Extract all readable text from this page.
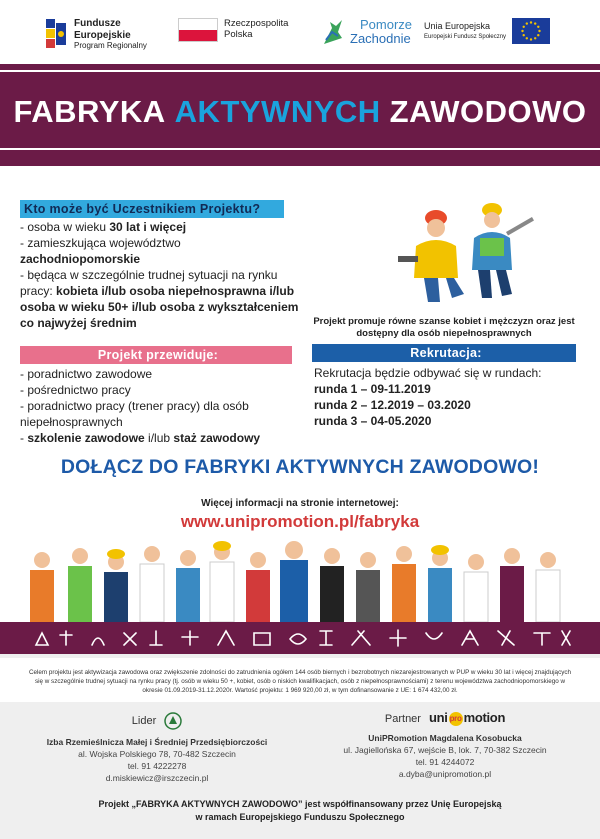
Fundusze
Europejskie
Program Regionalny
Rzeczpospolita
Polska
Pomorze
Zachodnie
Unia Europejska
Europejski Fundusz Społeczny
FABRYKA AKTYWNYCH ZAWODOWO
Kto może być Uczestnikiem Projektu?
- osoba w wieku 30 lat i więcej
- zamieszkująca województwo zachodniopomorskie
- będąca w szczególnie trudnej sytuacji na rynku pracy: kobieta i/lub osoba niepełnosprawna i/lub osoba w wieku 50+ i/lub osoba z wykształceniem co najwyżej średnim
Projekt przewiduje:
- poradnictwo zawodowe
- pośrednictwo pracy
- poradnictwo pracy (trener pracy) dla osób niepełnosprawnych
- szkolenie zawodowe i/lub staż zawodowy
Projekt promuje równe szanse kobiet i mężczyzn oraz jest dostępny dla osób niepełnosprawnych
Rekrutacja:
Rekrutacja będzie odbywać się w rundach:
runda 1 – 09-11.2019
runda 2 – 12.2019 – 03.2020
runda 3 – 04-05.2020
DOŁĄCZ DO FABRYKI AKTYWNYCH ZAWODOWO!
Więcej informacji na stronie internetowej:
www.unipromotion.pl/fabryka
Celem projektu jest aktywizacja zawodowa oraz zwiększenie zdolności do zatrudnienia ogółem 144 osób biernych i bezrobotnych niezarejestrowanych w PUP w wieku 30 lat i więcej znajdujących się w szczególnie trudnej sytuacji na rynku pracy (tj. osób w wieku 50 +, kobiet, osób o niskich kwalifikacjach, osób z niepełnosprawnościami) z terenu województwa zachodniopomorskiego w okresie 01.09.2019-31.12.2020r. Wartość projektu: 1 969 920,00 zł, w tym dofinansowanie z UE: 1 674 432,00 zł.
Lider
Izba Rzemieślnicza Małej i Średniej Przedsiębiorczości
al. Wojska Polskiego 78, 70-482 Szczecin
tel. 91 4222278
d.miskiewicz@irszczecin.pl
Partner uni pro motion
UniPRomotion Magdalena Kosobucka
ul. Jagiellońska 67, wejście B, lok. 7, 70-382 Szczecin
tel. 91 4244072
a.dyba@unipromotion.pl
Projekt „FABRYKA AKTYWNYCH ZAWODOWO” jest współfinansowany przez Unię Europejską
w ramach Europejskiego Funduszu Społecznego
